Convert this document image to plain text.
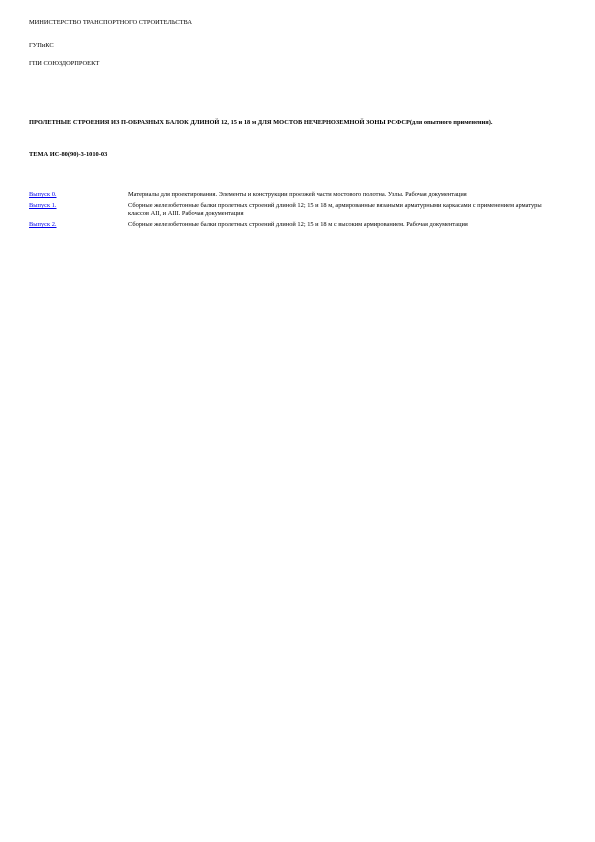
МИНИСТЕРСТВО ТРАНСПОРТНОГО СТРОИТЕЛЬСТВА
ГУПиКС
ГПИ СОЮЗДОРПРОЕКТ
ПРОЛЕТНЫЕ СТРОЕНИЯ ИЗ П-ОБРАЗНЫХ БАЛОК ДЛИНОЙ 12, 15 и 18 м ДЛЯ МОСТОВ НЕЧЕРНОЗЕМНОЙ ЗОНЫ РСФСР(для опытного применения).
ТЕМА ИС-80(90)-3-1010-03
Выпуск 0.	Материалы для проектирования. Элементы и конструкции проезжей части мостового полотна. Узлы. Рабочая документация
Выпуск 1.	Сборные железобетонные балки пролетных строений длиной 12; 15 и 18 м, армированные вязаными арматурными каркасами с применением арматуры классов АII, и АIII. Рабочая документация
Выпуск 2.	Сборные железобетонные балки пролетных строений длиной 12; 15 и 18 м с высоким армированием. Рабочая документация
